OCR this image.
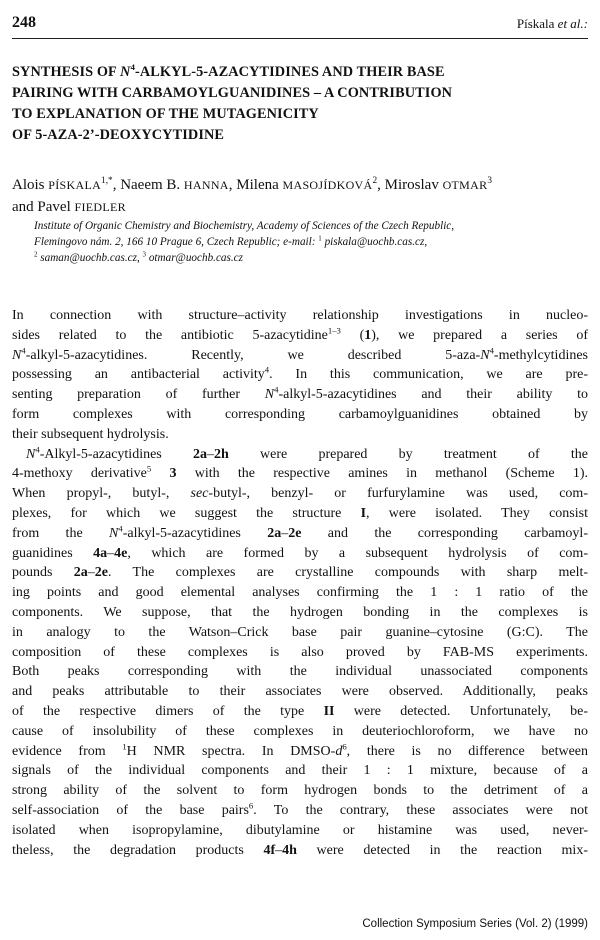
248	Pískala et al.:
SYNTHESIS OF $N^4-ALKYL-5$-AZACYTIDINES AND THEIR BASE
PAIRING WITH CARBAMOYLGUANIDINES – A CONTRIBUTION
TO EXPLANATION OF THE MUTAGENICITY
OF 5-AZA-2’-DEOXYCYTIDINE
Alois $PÍSKALA^{1,*}$, Naeem B. HANNA, Milena MASOJÍDKOVÁ$^2$, Miroslav OTMAR$^3$
and Pavel FIEDLER
Institute of Organic Chemistry and Biochemistry, Academy of Sciences of the Czech Republic,
Flemingovo nám. 2, 166 10 Prague 6, Czech Republic; e-mail: $^1$ piskala@uochb.cas.cz,
$^2$ saman@uochb.cas.cz, $^3$ otmar@uochb.cas.cz
In connection with structure–activity relationship investigations in nucleo-
sides related to the antibiotic 5-azacytidine$^{1-3}$ (1), we prepared a series of
$N^4-alkyl-5$-azacytidines. Recently, we described $5-aza-N^4$-methylcytidines
possessing an antibacterial activity$^4$. In this communication, we are pre-
senting preparation of further $N^4-alkyl-5$-azacytidines and their ability to
form complexes with corresponding carbamoylguanidines obtained by
their subsequent hydrolysis.
$N^4-Alkyl-5$-azacytidines 2a–2h were prepared by treatment of the
4-methoxy derivative$^5$ 3 with the respective amines in methanol (Scheme 1).
When propyl-, butyl-, sec-butyl-, benzyl- or furfurylamine was used, com-
plexes, for which we suggest the structure I, were isolated. They consist
from the $N^4-alkyl-5$-azacytidines 2a–2e and the corresponding carbamoyl-
guanidines 4a–4e, which are formed by a subsequent hydrolysis of com-
pounds 2a–2e. The complexes are crystalline compounds with sharp melt-
ing points and good elemental analyses confirming the 1 : 1 ratio of the
components. We suppose, that the hydrogen bonding in the complexes is
in analogy to the Watson–Crick base pair guanine–cytosine (G:C). The
composition of these complexes is also proved by FAB-MS experiments.
Both peaks corresponding with the individual unassociated components
and peaks attributable to their associates were observed. Additionally, peaks
of the respective dimers of the type II were detected. Unfortunately, be-
cause of insolubility of these complexes in deuteriochloroform, we have no
evidence from $^1$H NMR spectra. In DMSO-$d^6$, there is no difference between
signals of the individual components and their 1 : 1 mixture, because of a
strong ability of the solvent to form hydrogen bonds to the detriment of a
self-association of the base pairs$^6$. To the contrary, these associates were not
isolated when isopropylamine, dibutylamine or histamine was used, never-
theless, the degradation products 4f–4h were detected in the reaction mix-
Collection Symposium Series (Vol. 2) (1999)
